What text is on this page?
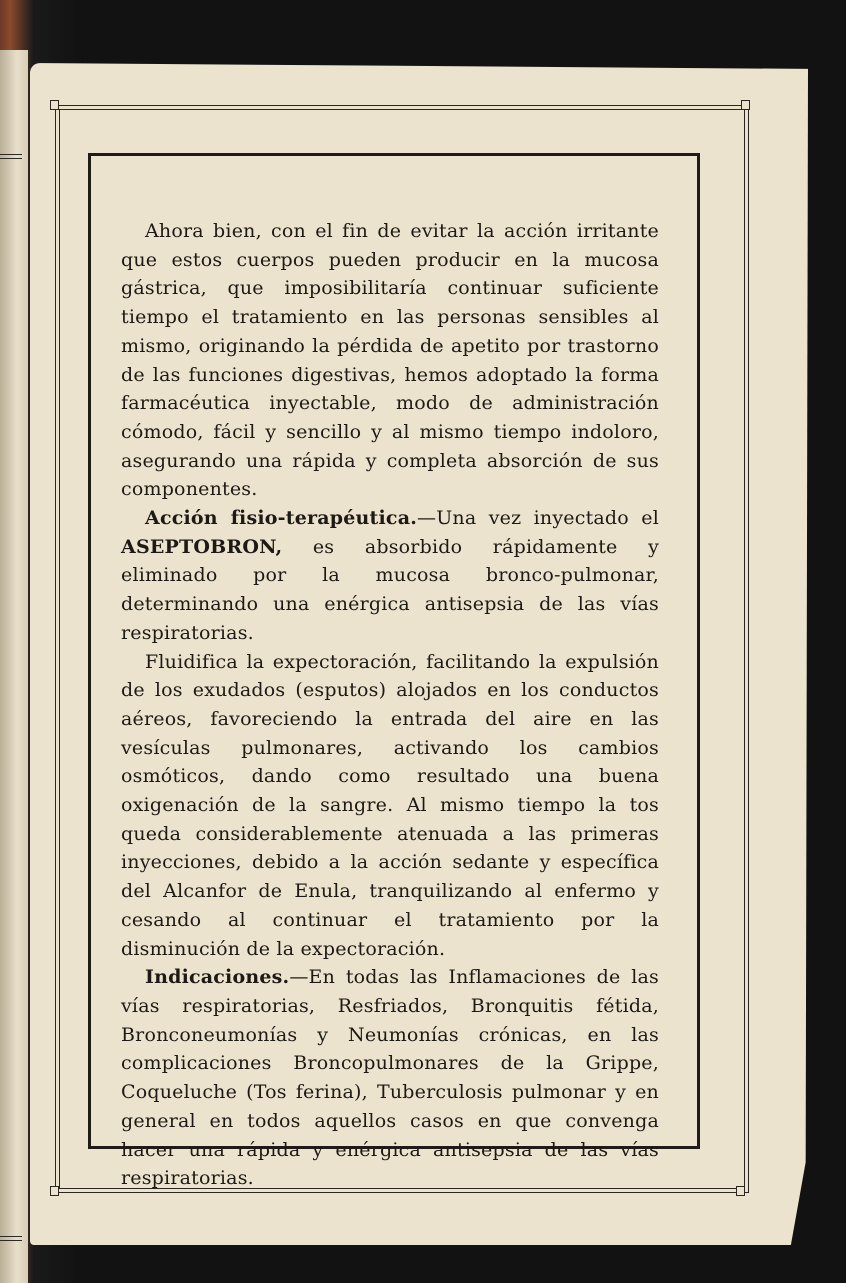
Ahora bien, con el fin de evitar la acción irritante que estos cuerpos pueden producir en la mucosa gástrica, que imposibilitaría continuar suficiente tiempo el tratamiento en las personas sensibles al mismo, originando la pérdida de apetito por trastorno de las funciones digestivas, hemos adoptado la forma farmacéutica inyectable, modo de administración cómodo, fácil y sencillo y al mismo tiempo indoloro, asegurando una rápida y completa absorción de sus componentes.

Acción fisio-terapéutica.—Una vez inyectado el ASEPTOBRON, es absorbido rápidamente y eliminado por la mucosa bronco-pulmonar, determinando una enérgica antisepsia de las vías respiratorias.

Fluidifica la expectoración, facilitando la expulsión de los exudados (esputos) alojados en los conductos aéreos, favoreciendo la entrada del aire en las vesículas pulmonares, activando los cambios osmóticos, dando como resultado una buena oxigenación de la sangre. Al mismo tiempo la tos queda considerablemente atenuada a las primeras inyecciones, debido a la acción sedante y específica del Alcanfor de Enula, tranquilizando al enfermo y cesando al continuar el tratamiento por la disminución de la expectoración.

Indicaciones.—En todas las Inflamaciones de las vías respiratorias, Resfriados, Bronquitis fétida, Bronconeumonías y Neumonías crónicas, en las complicaciones Broncopulmonares de la Grippe, Coqueluche (Tos ferina), Tuberculosis pulmonar y en general en todos aquellos casos en que convenga hacer una rápida y enérgica antisepsia de las vías respiratorias.
